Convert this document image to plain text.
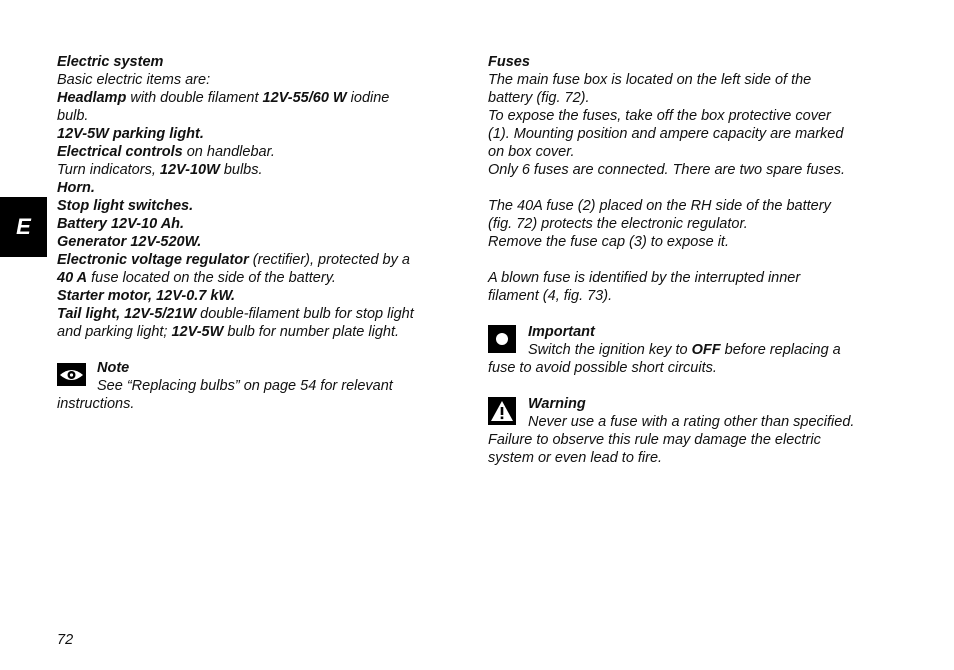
E
Electric system
Basic electric items are:
Headlamp with double filament 12V-55/60 W iodine
bulb.
12V-5W parking light.
Electrical controls on handlebar.
Turn indicators, 12V-10W bulbs.
Horn.
Stop light switches.
Battery 12V-10 Ah.
Generator 12V-520W.
Electronic voltage regulator (rectifier), protected by a
40 A fuse located on the side of the battery.
Starter motor, 12V-0.7 kW.
Tail light, 12V-5/21W double-filament bulb for stop light
and parking light; 12V-5W bulb for number plate light.
Note
See “Replacing bulbs” on page 54 for relevant
instructions.
Fuses
The main fuse box is located on the left side of the
battery (fig. 72).
To expose the fuses, take off the box protective cover
(1). Mounting position and ampere capacity are marked
on box cover.
Only 6 fuses are connected. There are two spare fuses.
The 40A fuse (2) placed on the RH side of the battery
(fig. 72) protects the electronic regulator.
Remove the fuse cap (3) to expose it.
A blown fuse is identified by the interrupted inner
filament (4, fig. 73).
Important
Switch the ignition key to OFF before replacing a
fuse to avoid possible short circuits.
Warning
Never use a fuse with a rating other than specified.
Failure to observe this rule may damage the electric
system or even lead to fire.
72
